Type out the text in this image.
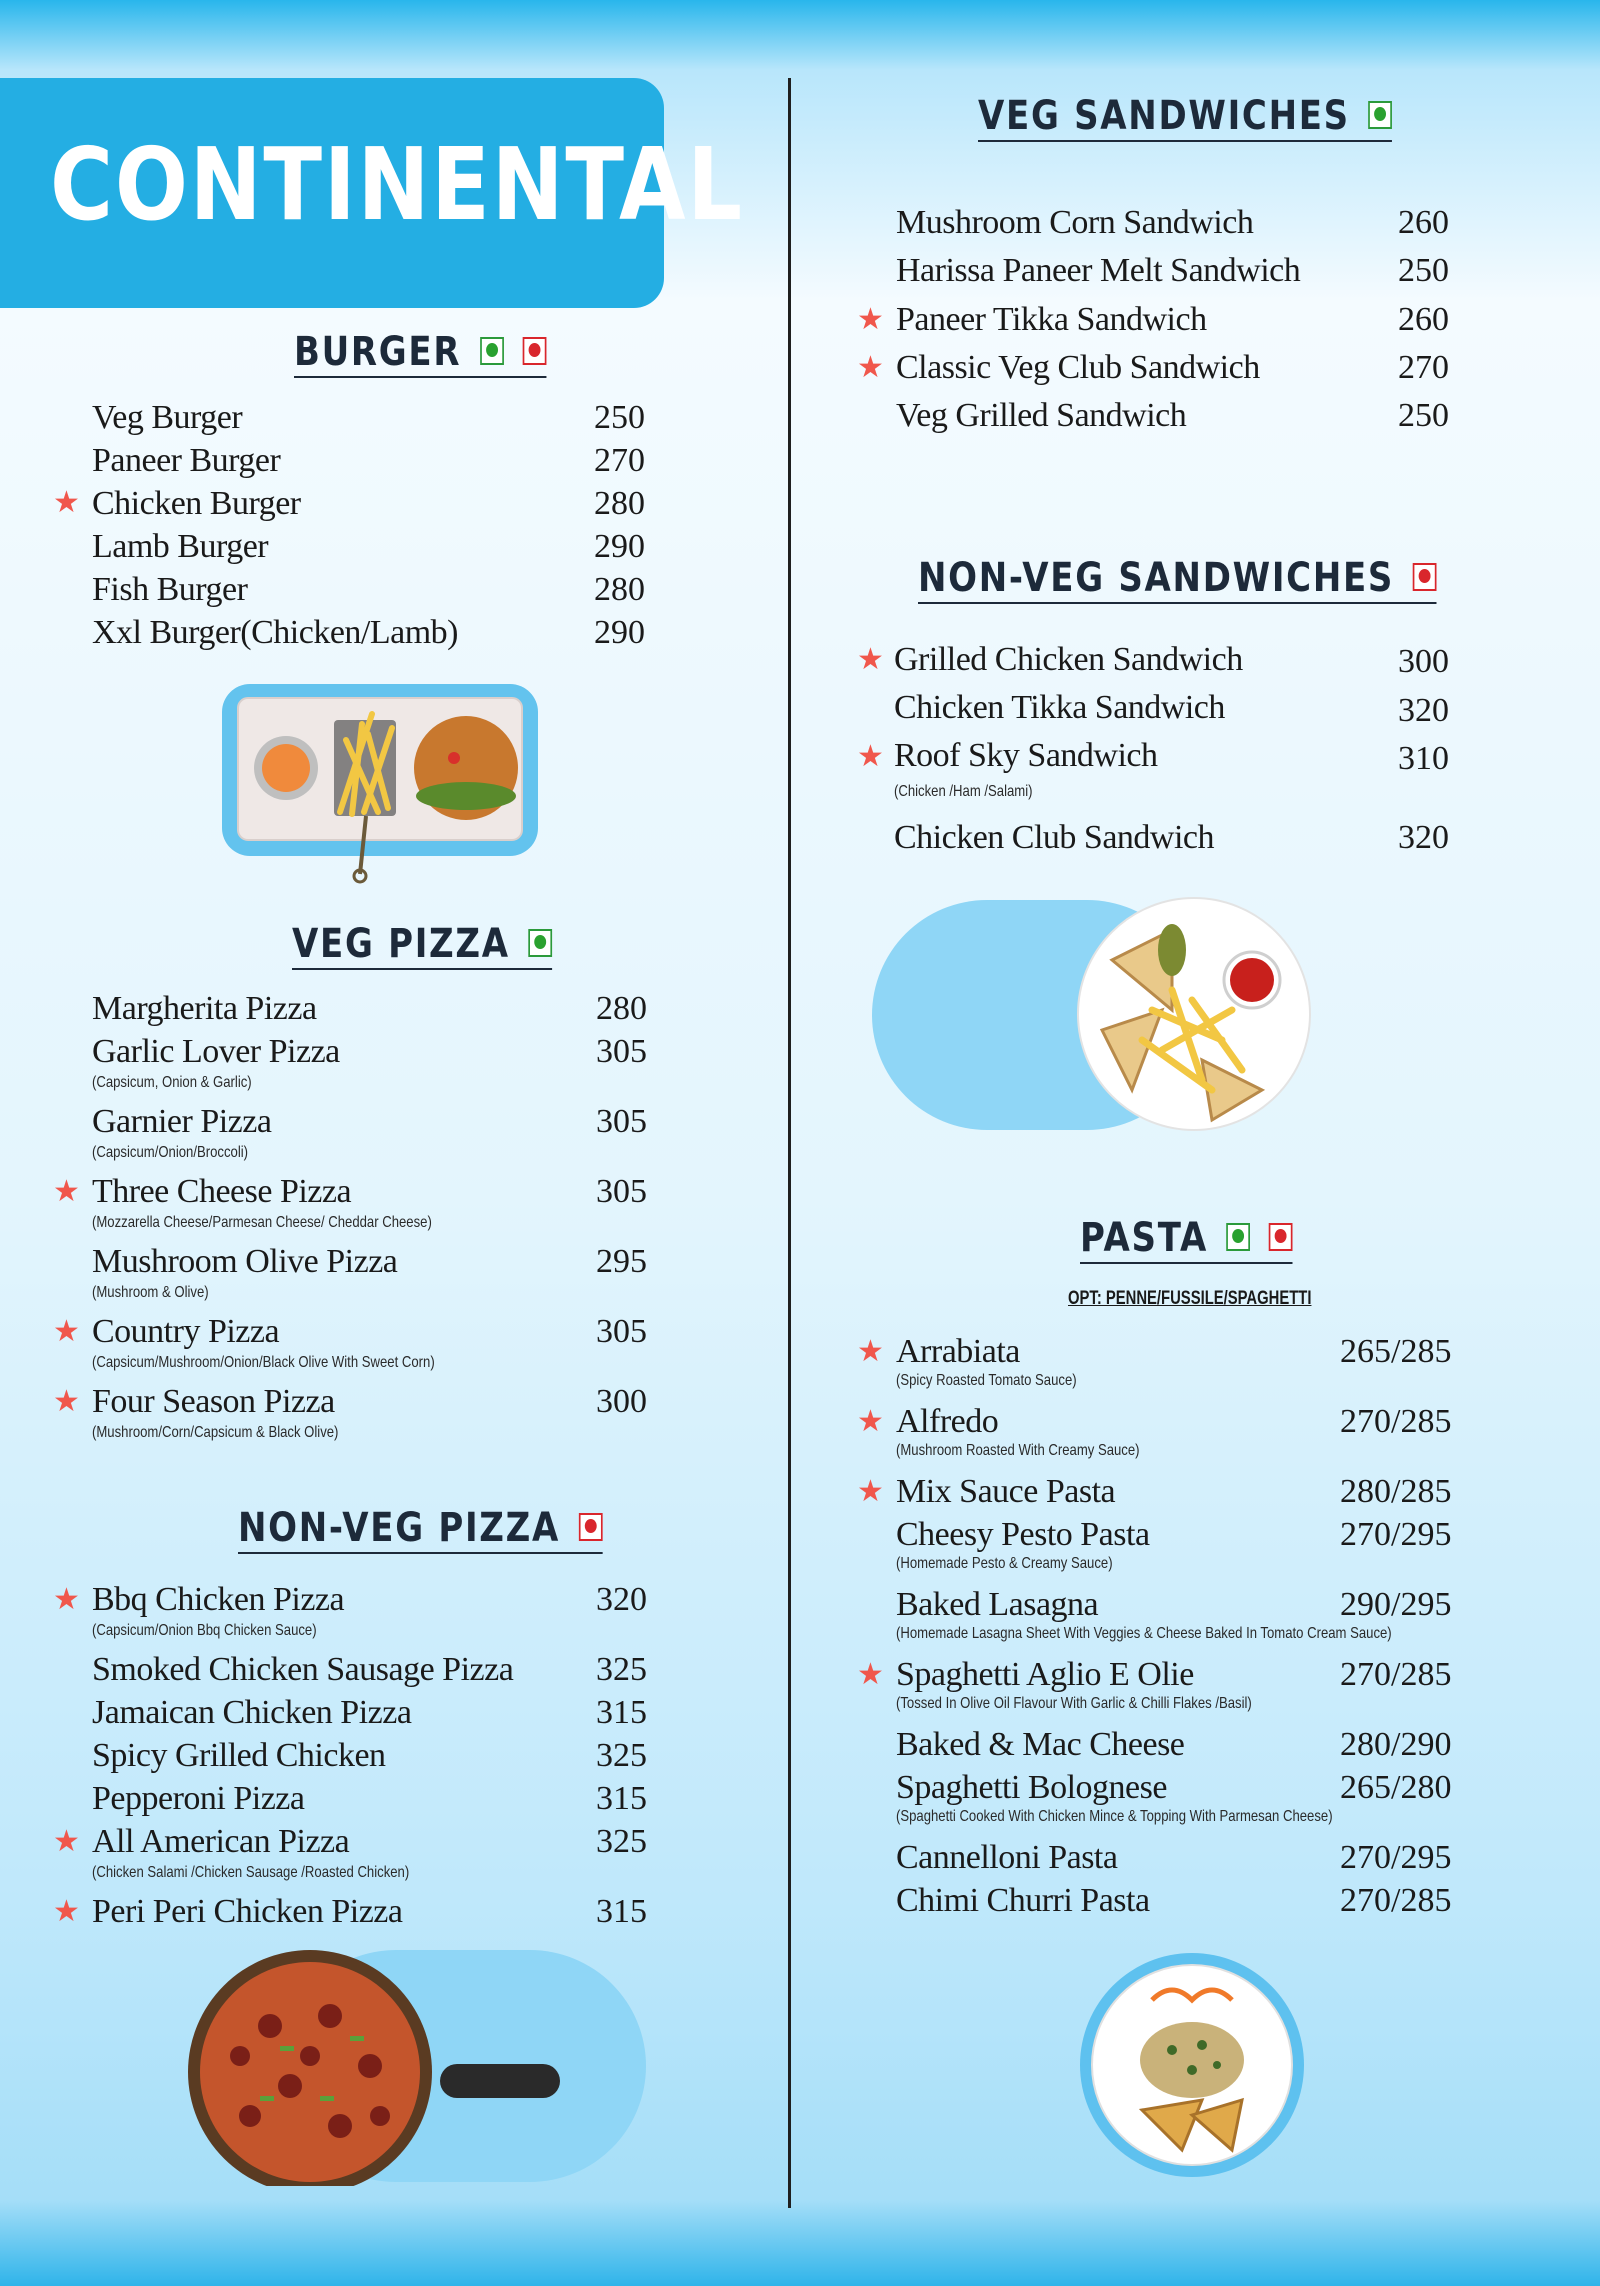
CONTINENTAL
BURGER

Veg Burger	250
Paneer Burger	270
★ Chicken Burger	280
Lamb Burger	290
Fish Burger	280
Xxl Burger(Chicken/Lamb)	290
VEG PIZZA
Margherita Pizza	280
Garlic Lover Pizza	305
(Capsicum, Onion & Garlic)
Garnier Pizza	305
(Capsicum/Onion/Broccoli)
★ Three Cheese Pizza	305
(Mozzarella Cheese/Parmesan Cheese/ Cheddar Cheese)
Mushroom Olive Pizza	295
(Mushroom & Olive)
★ Country Pizza	305
(Capsicum/Mushroom/Onion/Black Olive With Sweet Corn)
★ Four Season Pizza	300
(Mushroom/Corn/Capsicum & Black Olive)
NON-VEG PIZZA
★ Bbq Chicken Pizza	320
(Capsicum/Onion Bbq Chicken Sauce)
Smoked Chicken Sausage Pizza 325
Jamaican Chicken Pizza	315
Spicy Grilled Chicken	325
Pepperoni Pizza	315
★ All American Pizza	325
(Chicken Salami /Chicken Sausage /Roasted Chicken)
★ Peri Peri Chicken Pizza	315
VEG SANDWICHES
Mushroom Corn Sandwich	260
Harissa Paneer Melt Sandwich	250
★ Paneer Tikka Sandwich	260
★ Classic Veg Club Sandwich	270
Veg Grilled Sandwich	250
NON-VEG SANDWICHES
★ Grilled Chicken Sandwich	300
Chicken Tikka Sandwich	320
★ Roof Sky Sandwich	310
(Chicken /Ham /Salami)
Chicken Club Sandwich	320
PASTA

OPT: PENNE/FUSSILE/SPAGHETTI
★ Arrabiata	265/285
(Spicy Roasted Tomato Sauce)
★ Alfredo	270/285
(Mushroom Roasted With Creamy Sauce)
★ Mix Sauce Pasta	280/285
Cheesy Pesto Pasta	270/295
(Homemade Pesto & Creamy Sauce)
Baked Lasagna	290/295
(Homemade Lasagna Sheet With Veggies & Cheese Baked In Tomato Cream Sauce)
★ Spaghetti Aglio E Olie	270/285
(Tossed In Olive Oil Flavour With Garlic & Chilli Flakes /Basil)
Baked & Mac Cheese	280/290
Spaghetti Bolognese	265/280
(Spaghetti Cooked With Chicken Mince & Topping With Parmesan Cheese)
Cannelloni Pasta	270/295
Chimi Churri Pasta	270/285
